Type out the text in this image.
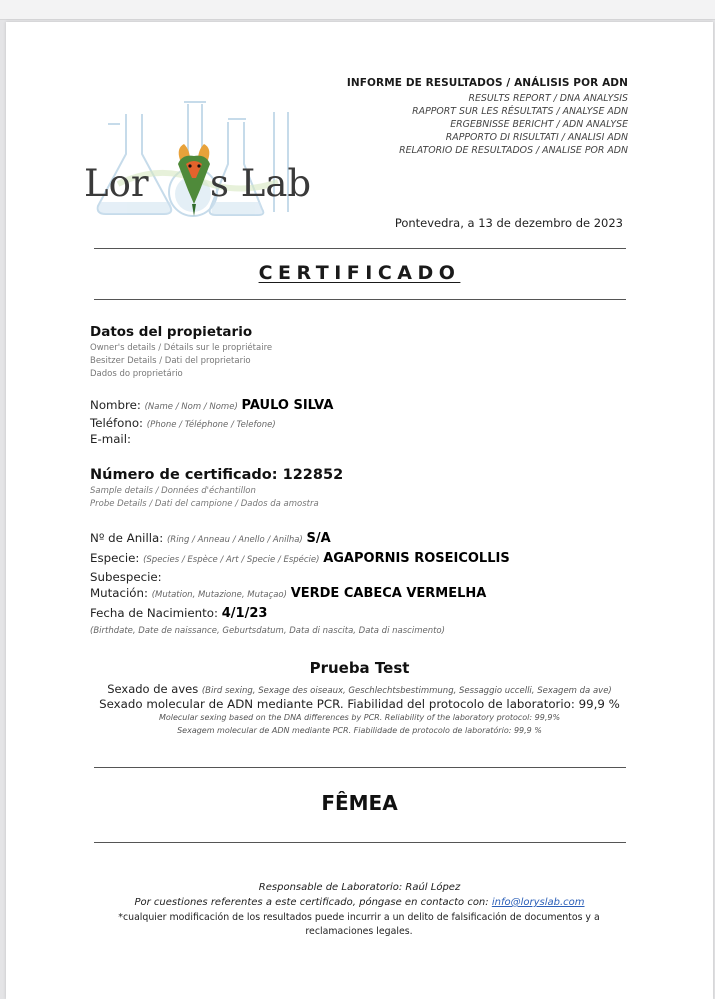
Lor s Lab
INFORME DE RESULTADOS / ANÁLISIS POR ADN
RESULTS REPORT / DNA ANALYSIS
RAPPORT SUR LES RÉSULTATS / ANALYSE ADN
ERGEBNISSE BERICHT / ADN ANALYSE
RAPPORTO DI RISULTATI / ANALISI ADN
RELATORIO DE RESULTADOS / ANALISE POR ADN
Pontevedra, a 13 de dezembro de 2023
CERTIFICADO
Datos del propietario
Owner's details / Détails sur le propriétaire
Besitzer Details / Dati del proprietario
Dados do proprietário
Nombre: (Name / Nom / Nome) PAULO SILVA
Teléfono: (Phone / Téléphone / Telefone)
E-mail:
Número de certificado: 122852
Sample details / Données d'échantillon
Probe Details / Dati del campione / Dados da amostra
Nº de Anilla: (Ring / Anneau / Anello / Anilha) S/A
Especie: (Species / Espèce / Art / Specie / Espécie) AGAPORNIS ROSEICOLLIS
Subespecie:
Mutación: (Mutation, Mutazione, Mutaçao) VERDE CABECA VERMELHA
Fecha de Nacimiento: 4/1/23
(Birthdate, Date de naissance, Geburtsdatum, Data di nascita, Data di nascimento)
Prueba Test
Sexado de aves (Bird sexing, Sexage des oiseaux, Geschlechtsbestimmung, Sessaggio uccelli, Sexagem da ave)
Sexado molecular de ADN mediante PCR. Fiabilidad del protocolo de laboratorio: 99,9 %
Molecular sexing based on the DNA differences by PCR. Reliability of the laboratory protocol: 99,9%
Sexagem molecular de ADN mediante PCR. Fiabilidade de protocolo de laboratório: 99,9 %
FÊMEA
Responsable de Laboratorio: Raúl López
Por cuestiones referentes a este certificado, póngase en contacto con: info@loryslab.com
*cualquier modificación de los resultados puede incurrir a un delito de falsificación de documentos y a reclamaciones legales.
